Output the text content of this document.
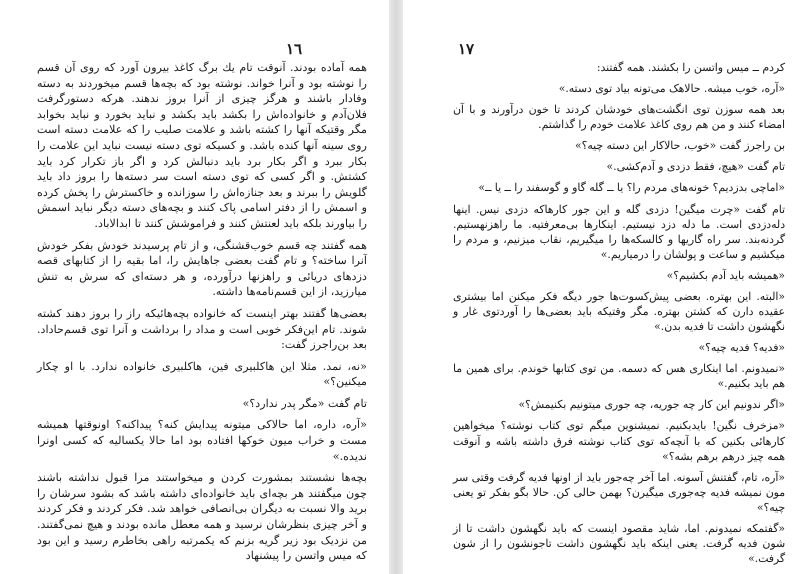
١٦

همه آماده بودند. آنوقت تام یك برگ کاغذ بیرون آورد که روی آن قسم را نوشته بود و آنرا خواند. نوشته بود که بچه‌ها قسم میخوردند به دسته وفادار باشند و هرگز چیزی از آنرا بروز ندهند. هرکه دستورگرفت فلان‌آدم و خانواده‌اش را بکشد باید بکشد و نباید بخورد و نباید بخوابد مگر وقتیکه آنها را کشته باشد و علامت صلیب را که علامت دسته است روی سینه آنها کنده باشد. و کسیکه توی دسته نیست نباید این علامت را بکار ببرد و اگر بکار برد باید دنبالش کرد و اگر باز تکرار کرد باید کشتش. و اگر کسی که توی دسته است سر دسته‌ها را بروز داد باید گلویش را ببرند و بعد جنازه‌اش را سوزانده و خاکسترش را پخش کرده و اسمش را از دفتر اسامی پاک کنند و بچه‌های دسته دیگر نباید اسمش را بیاورند بلکه باید لعنتش کنند و فراموشش کنند تا ابدالاباد.

همه گفتند چه قسم خوب‌قشنگی، و از تام پرسیدند خودش بفکر خودش آنرا ساخته؟ و تام گفت بعضی جاهایش را، اما بقیه را از کتابهای قصه دزدهای دریائی و راهزنها درآورده، و هر دسته‌ای که سرش به تنش میارزید، از این قسم‌نامه‌ها داشته.

بعضی‌ها گفتند بهتر اینست که خانواده بچه‌هائیکه راز را بروز دهند کشته شوند. تام این‌فکر خوبی است و مداد را برداشت و آنرا توی قسم‌حاداد. بعد بن‌راجرز گفت:

«نه، نمد. مثلا این هاکلبیری فین، هاکلبیری خانواده ندارد. با او چکار میکنین؟»

تام گفت «مگر پدر ندارد؟»

«آره، داره، اما حالاکی میتونه پیدایش کنه؟ پیداکنه؟ اونوقتها همیشه مست و خراب میون خوکها افتاده بود اما حالا یکسالیه که کسی اونرا ندیده.»

بچه‌ها نشستند بمشورت کردن و میخواستند مرا قبول نداشته باشند چون میگفتند هر بچه‌ای باید خانواده‌ای داشته باشد که بشود سرشان را برید والا نسبت به دیگران بی‌انصافی خواهد شد. فکر کردند و فکر کردند و آخر چیزی بنظرشان نرسید و همه معطل مانده بودند و هیچ نمی‌گفتند. من نزدیک بود زیر گریه بزنم که یکمرتبه راهی بخاطرم رسید و این بود که میس واتسن را پیشنهاد

١٧

کردم ــ میس واتسن را بکشند. همه گفتند:

«آره، خوب میشه. حالاهک می‌تونه بیاد توی دسته.»

بعد همه سوزن توی انگشت‌های خودشان کردند تا خون درآورند و با آن امضاء کنند و من هم روی کاغذ علامت خودم را گذاشتم.

بن راجرز گفت «خوب، حالاکار این دسته چیه؟»

تام گفت «هیچ، فقط دزدی و آدم‌کشی.»

«اماچی بدزدیم؟ خونه‌های مردم را؟ یا ــ گله گاو و گوسفند را ــ یا ــ»

تام گفت «چرت میگین! دزدی گله و این جور کارهاکه دزدی نیس. اینها دله‌دزدی است. ما دله دزد نیستیم. اینکارها بی‌معرفتیه. ما راهزنهستیم. گردنه‌بند. سر راه گاریها و کالسکه‌ها را میگیریم، نقاب میزنیم، و مردم را میکشیم و ساعت و پولشان را درمیاریم.»

«همیشه باید آدم بکشیم؟»

«البته. این بهتره. بعضی پیش‌کسوت‌ها جور دیگه فکر میکنن اما بیشتری عقیده دارن که کشتن بهتره. مگر وقتیکه باید بعضی‌ها را آوردتوی غار و نگهشون داشت تا فدیه بدن.»

«فدیه؟ فدیه چیه؟»

«نمیدونم. اما اینکاری هس که دسمه. من توی کتابها خوندم. برای همین ما هم باید بکنیم.»

«اگر ندونیم این کار چه جوریه، چه جوری میتونیم بکنیمش؟»

«مزخرف نگین! بایدبکنیم. نمیشنوین میگم توی کتاب نوشته؟ میخواهین کارهائی بکنین که با آنچه‌که توی کتاب نوشته فرق داشته باشه و آنوقت همه چیز درهم برهم بشه؟»

«آره، تام، گفتنش آسونه. اما آخر چه‌جور باید از اونها فدیه گرفت وقتی سر مون نمیشه فدیه چه‌جوری میگیرن؟ بهمن حالی کن. حالا بگو بفکر تو یعنی چیه؟»

«گفتمکه نمیدونم. اما، شاید مقصود اینست که باید نگهشون داشت تا از شون فدیه گرفت. یعنی اینکه باید نگهشون داشت تاجونشون را از شون گرفت.»
